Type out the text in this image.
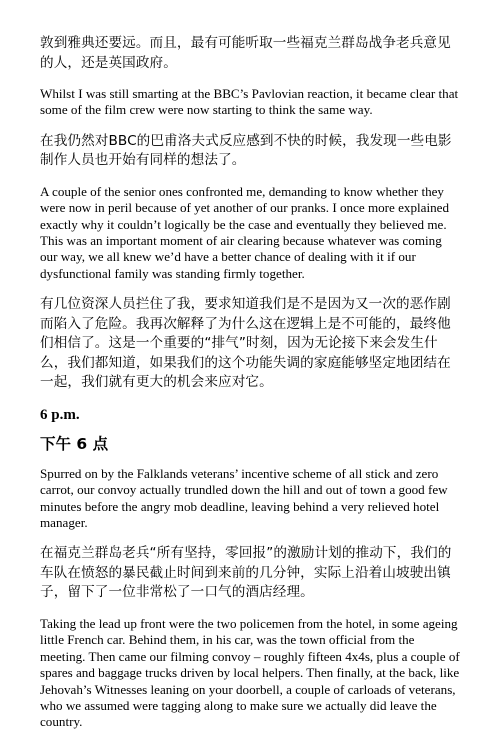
敦到雅典还要远。而且，最有可能听取一些福克兰群岛战争老兵意见的人，还是英国政府。

Whilst I was still smarting at the BBC’s Pavlovian reaction, it became clear that some of the film crew were now starting to think the same way.

在我仍然对BBC的巴甫洛夫式反应感到不快的时候，我发现一些电影制作人员也开始有同样的想法了。

A couple of the senior ones confronted me, demanding to know whether they were now in peril because of yet another of our pranks. I once more explained exactly why it couldn’t logically be the case and eventually they believed me. This was an important moment of air clearing because whatever was coming our way, we all knew we’d have a better chance of dealing with it if our dysfunctional family was standing firmly together.

有几位资深人员拦住了我，要求知道我们是不是因为又一次的恶作剧而陷入了危险。我再次解释了为什么这在逻辑上是不可能的，最终他们相信了。这是一个重要的“排气”时刻，因为无论接下来会发生什么，我们都知道，如果我们的这个功能失调的家庭能够坚定地团结在一起，我们就有更大的机会来应对它。

6 p.m.
下午 6 点

Spurred on by the Falklands veterans’ incentive scheme of all stick and zero carrot, our convoy actually trundled down the hill and out of town a good few minutes before the angry mob deadline, leaving behind a very relieved hotel manager.

在福克兰群岛老兵“所有坚持，零回报”的激励计划的推动下，我们的车队在愤怒的暴民截止时间到来前的几分钟，实际上沿着山坡驶出镇子，留下了一位非常松了一口气的酒店经理。

Taking the lead up front were the two policemen from the hotel, in some ageing little French car. Behind them, in his car, was the town official from the meeting. Then came our filming convoy – roughly fifteen 4x4s, plus a couple of spares and baggage trucks driven by local helpers. Then finally, at the back, like Jehovah’s Witnesses leaning on your doorbell, a couple of carloads of veterans, who we assumed were tagging along to make sure we actually did leave the country.
